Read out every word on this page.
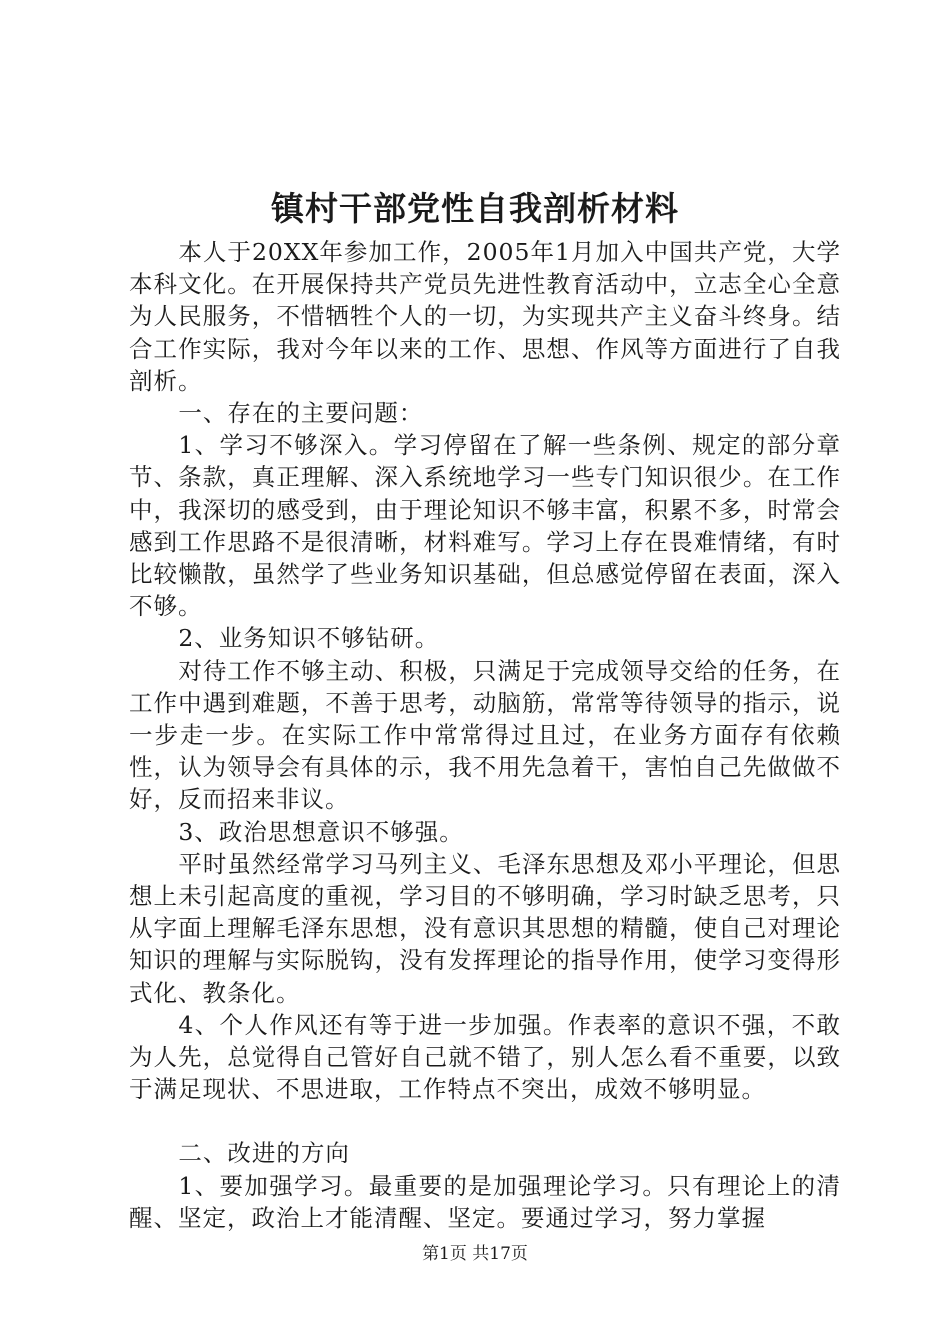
镇村干部党性自我剖析材料

本人于20XX年参加工作，2005年1月加入中国共产党，大学本科文化。在开展保持共产党员先进性教育活动中，立志全心全意为人民服务，不惜牺牲个人的一切，为实现共产主义奋斗终身。结合工作实际，我对今年以来的工作、思想、作风等方面进行了自我剖析。

一、存在的主要问题：

1、学习不够深入。学习停留在了解一些条例、规定的部分章节、条款，真正理解、深入系统地学习一些专门知识很少。在工作中，我深切的感受到，由于理论知识不够丰富，积累不多，时常会感到工作思路不是很清晰，材料难写。学习上存在畏难情绪，有时比较懒散，虽然学了些业务知识基础，但总感觉停留在表面，深入不够。

2、业务知识不够钻研。

对待工作不够主动、积极，只满足于完成领导交给的任务，在工作中遇到难题，不善于思考，动脑筋，常常等待领导的指示，说一步走一步。在实际工作中常常得过且过，在业务方面存有依赖性，认为领导会有具体的示，我不用先急着干，害怕自己先做做不好，反而招来非议。

3、政治思想意识不够强。

平时虽然经常学习马列主义、毛泽东思想及邓小平理论，但思想上未引起高度的重视，学习目的不够明确，学习时缺乏思考，只从字面上理解毛泽东思想，没有意识其思想的精髓，使自己对理论知识的理解与实际脱钩，没有发挥理论的指导作用，使学习变得形式化、教条化。

4、个人作风还有等于进一步加强。作表率的意识不强，不敢为人先，总觉得自己管好自己就不错了，别人怎么看不重要，以致于满足现状、不思进取，工作特点不突出，成效不够明显。

二、改进的方向

1、要加强学习。最重要的是加强理论学习。只有理论上的清醒、坚定，政治上才能清醒、坚定。要通过学习，努力掌握

第1页 共17页
